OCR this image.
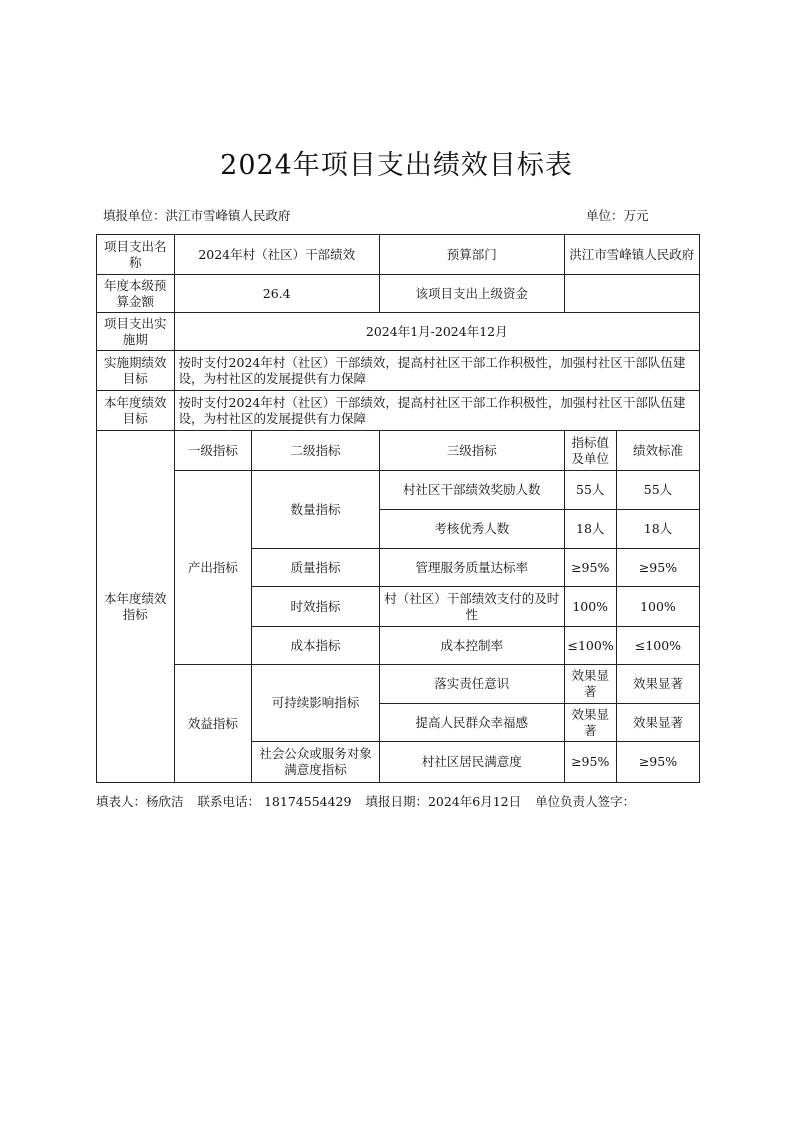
2024年项目支出绩效目标表
填报单位：洪江市雪峰镇人民政府	单位：万元
项目支出名称	2024年村（社区）干部绩效		预算部门	洪江市雪峰镇人民政府	
年度本级预算金额	26.4		该项目支出上级资金		
项目支出实施期	2024年1月-2024年12月				
实施期绩效目标	按时支付2024年村（社区）干部绩效，提高村社区干部工作积极性，加强村社区干部队伍建设，为村社区的发展提供有力保障				
本年度绩效目标	按时支付2024年村（社区）干部绩效，提高村社区干部工作积极性，加强村社区干部队伍建设，为村社区的发展提供有力保障				
本年度绩效指标	一级指标	二级指标	三级指标	指标值及单位	绩效标准
	产出指标	数量指标	村社区干部绩效奖励人数	55人	55人
			考核优秀人数	18人	18人
		质量指标	管理服务质量达标率	≥95%	≥95%
		时效指标	村（社区）干部绩效支付的及时性	100%	100%
		成本指标	成本控制率	≤100%	≤100%
	效益指标	可持续影响指标	落实责任意识	效果显著	效果显著
			提高人民群众幸福感	效果显著	效果显著
		社会公众或服务对象满意度指标	村社区居民满意度	≥95%	≥95%
填表人：杨欣洁 联系电话： 18174554429 填报日期：2024年6月12日 单位负责人签字：
